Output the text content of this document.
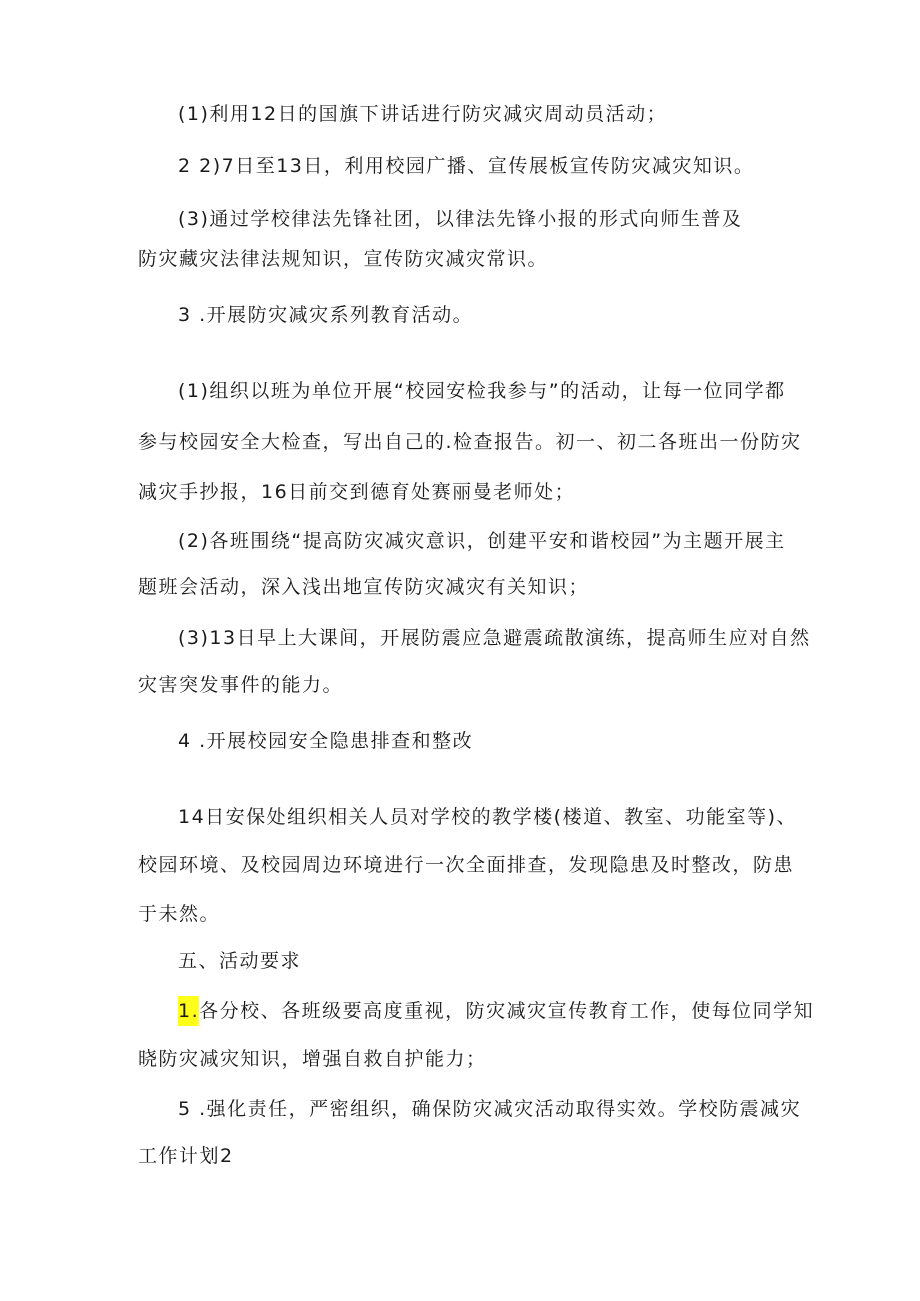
(1)利用12日的国旗下讲话进行防灾减灾周动员活动；
2 2)7日至13日，利用校园广播、宣传展板宣传防灾减灾知识。
(3)通过学校律法先锋社团，以律法先锋小报的形式向师生普及
防灾藏灾法律法规知识，宣传防灾减灾常识。
3 .开展防灾减灾系列教育活动。
(1)组织以班为单位开展“校园安检我参与”的活动，让每一位同学都
参与校园安全大检查，写出自己的.检查报告。初一、初二各班出一份防灾
减灾手抄报，16日前交到德育处赛丽曼老师处；
(2)各班围绕“提高防灾减灾意识，创建平安和谐校园”为主题开展主
题班会活动，深入浅出地宣传防灾减灾有关知识；
(3)13日早上大课间，开展防震应急避震疏散演练，提高师生应对自然
灾害突发事件的能力。
4 .开展校园安全隐患排查和整改
14日安保处组织相关人员对学校的教学楼(楼道、教室、功能室等)、
校园环境、及校园周边环境进行一次全面排查，发现隐患及时整改，防患
于未然。
五、活动要求
1.各分校、各班级要高度重视，防灾减灾宣传教育工作，使每位同学知
晓防灾减灾知识，增强自救自护能力；
5 .强化责任，严密组织，确保防灾减灾活动取得实效。学校防震减灾
工作计划2
